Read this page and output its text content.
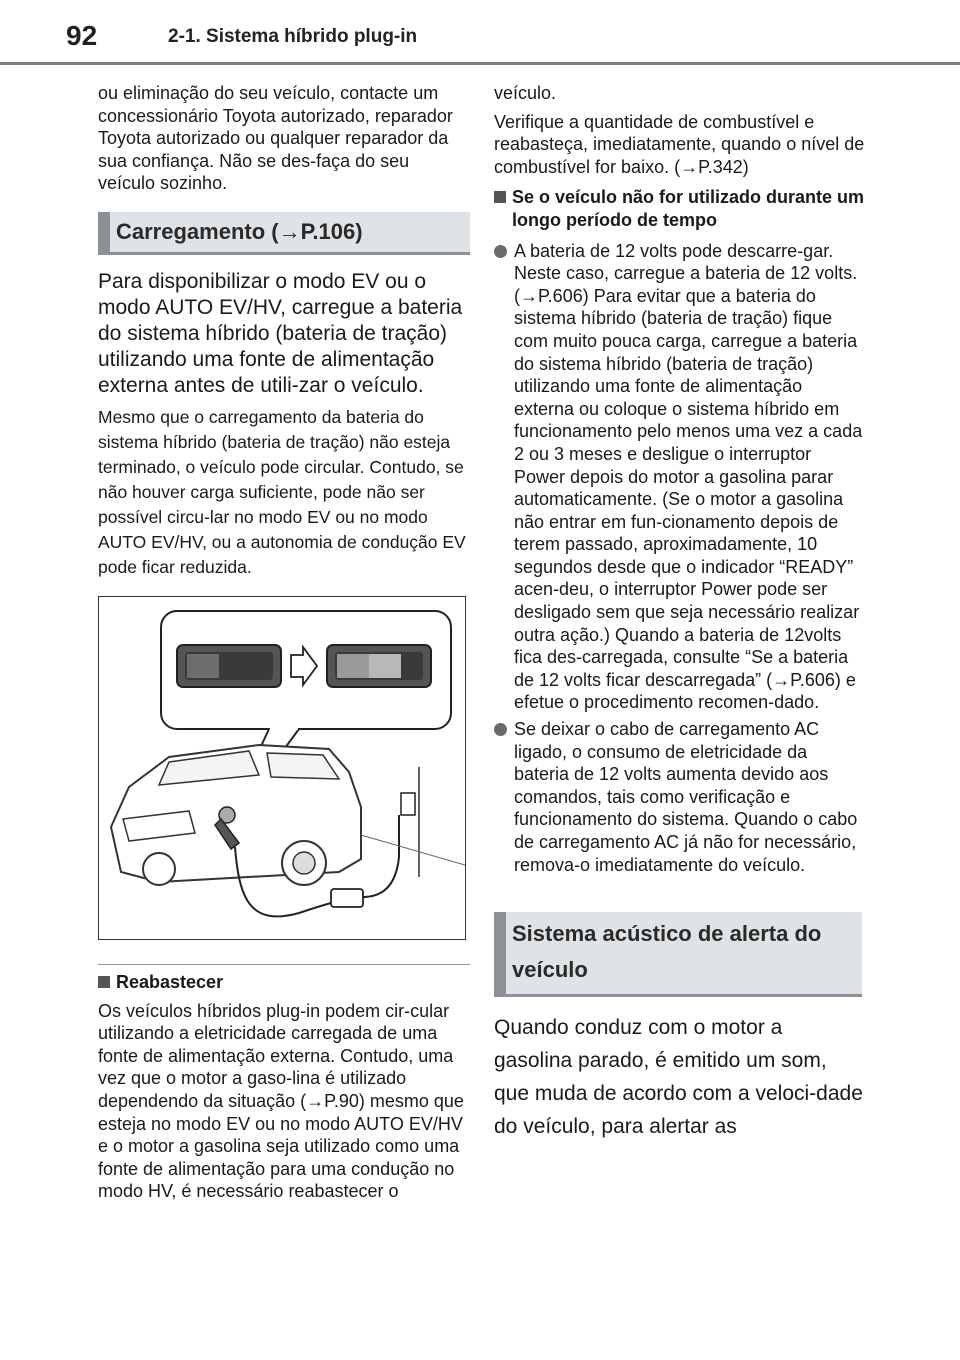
92	2-1. Sistema híbrido plug-in

ou eliminação do seu veículo, contacte um concessionário Toyota autorizado, reparador Toyota autorizado ou qualquer reparador da sua confiança. Não se des-faça do seu veículo sozinho.

Carregamento (→P.106)

Para disponibilizar o modo EV ou o modo AUTO EV/HV, carregue a bateria do sistema híbrido (bateria de tração) utilizando uma fonte de alimentação externa antes de utili-zar o veículo.

Mesmo que o carregamento da bateria do sistema híbrido (bateria de tração) não esteja terminado, o veículo pode circular. Contudo, se não houver carga suficiente, pode não ser possível circu-lar no modo EV ou no modo AUTO EV/HV, ou a autonomia de condução EV pode ficar reduzida.

Reabastecer

Os veículos híbridos plug-in podem cir-cular utilizando a eletricidade carregada de uma fonte de alimentação externa. Contudo, uma vez que o motor a gaso-lina é utilizado dependendo da situação (→P.90) mesmo que esteja no modo EV ou no modo AUTO EV/HV e o motor a gasolina seja utilizado como uma fonte de alimentação para uma condução no modo HV, é necessário reabastecer o

veículo.

Verifique a quantidade de combustível e reabasteça, imediatamente, quando o nível de combustível for baixo. (→P.342)

Se o veículo não for utilizado durante um longo período de tempo
A bateria de 12 volts pode descarre-gar. Neste caso, carregue a bateria de 12 volts. (→P.606) Para evitar que a bateria do sistema híbrido (bateria de tração) fique com muito pouca carga, carregue a bateria do sistema híbrido (bateria de tração) utilizando uma fonte de alimentação externa ou coloque o sistema híbrido em funcionamento pelo menos uma vez a cada 2 ou 3 meses e desligue o interruptor Power depois do motor a gasolina parar automaticamente. (Se o motor a gasolina não entrar em fun-cionamento depois de terem passado, aproximadamente, 10 segundos desde que o indicador “READY” acen-deu, o interruptor Power pode ser desligado sem que seja necessário realizar outra ação.) Quando a bateria de 12volts fica des-carregada, consulte “Se a bateria de 12 volts ficar descarregada” (→P.606) e efetue o procedimento recomen-dado.
Se deixar o cabo de carregamento AC ligado, o consumo de eletricidade da bateria de 12 volts aumenta devido aos comandos, tais como verificação e funcionamento do sistema. Quando o cabo de carregamento AC já não for necessário, remova-o imediatamente do veículo.
Sistema acústico de alerta do veículo

Quando conduz com o motor a gasolina parado, é emitido um som, que muda de acordo com a veloci-dade do veículo, para alertar as
